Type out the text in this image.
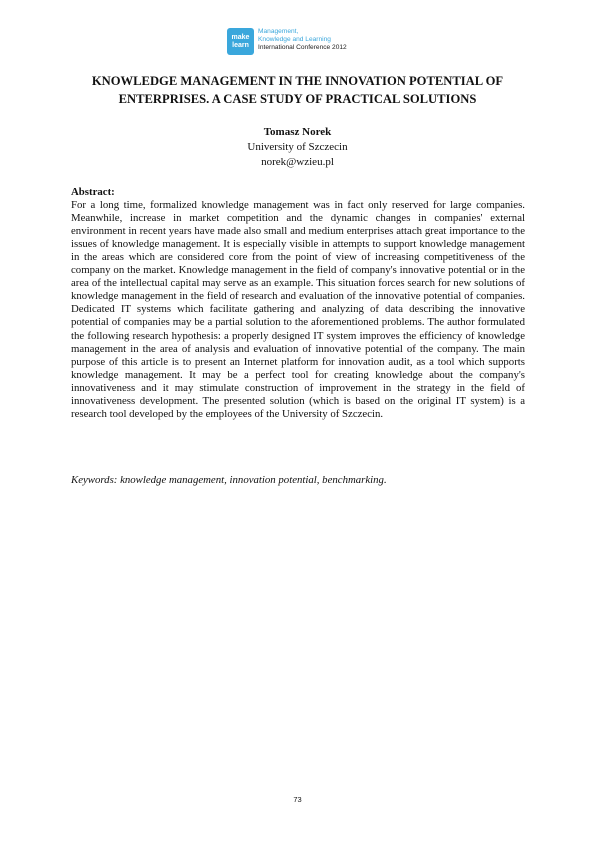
make
learn
Management,
Knowledge and Learning
International Conference 2012
KNOWLEDGE MANAGEMENT IN THE INNOVATION POTENTIAL OF ENTERPRISES. A CASE STUDY OF PRACTICAL SOLUTIONS
Tomasz Norek
University of Szczecin
norek@wzieu.pl
Abstract:

For a long time, formalized knowledge management was in fact only reserved for large companies. Meanwhile, increase in market competition and the dynamic changes in companies' external environment in recent years have made also small and medium enterprises attach great importance to the issues of knowledge management. It is especially visible in attempts to support knowledge management in the areas which are considered core from the point of view of increasing competitiveness of the company on the market. Knowledge management in the field of company's innovative potential or in the area of the intellectual capital may serve as an example. This situation forces search for new solutions of knowledge management in the field of research and evaluation of the innovative potential of companies. Dedicated IT systems which facilitate gathering and analyzing of data describing the innovative potential of companies may be a partial solution to the aforementioned problems. The author formulated the following research hypothesis: a properly designed IT system improves the efficiency of knowledge management in the area of analysis and evaluation of innovative potential of the company. The main purpose of this article is to present an Internet platform for innovation audit, as a tool which supports knowledge management. It may be a perfect tool for creating knowledge about the company's innovativeness and it may stimulate construction of improvement in the strategy in the field of innovativeness development. The presented solution (which is based on the original IT system) is a research tool developed by the employees of the University of Szczecin.

Keywords: knowledge management, innovation potential, benchmarking.
73
